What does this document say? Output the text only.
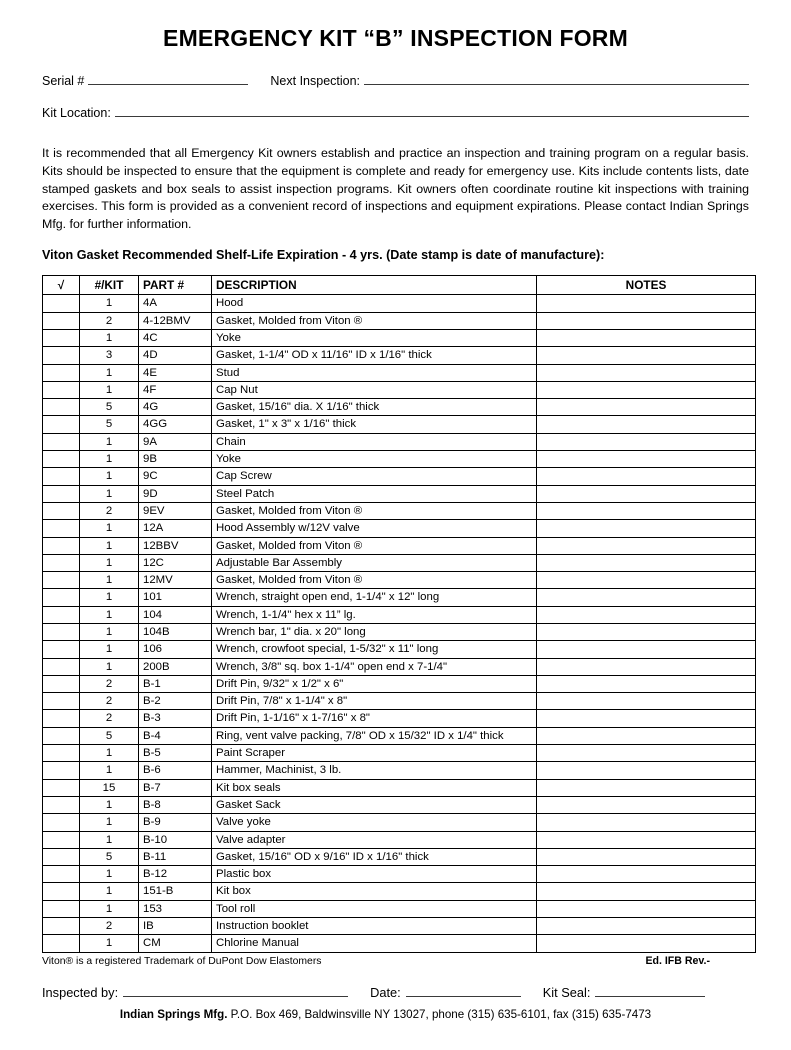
EMERGENCY KIT “B” INSPECTION FORM
Serial #	Next Inspection:
Kit Location:

It is recommended that all Emergency Kit owners establish and practice an inspection and training program on a regular basis. Kits should be inspected to ensure that the equipment is complete and ready for emergency use. Kits include contents lists, date stamped gaskets and box seals to assist inspection programs. Kit owners often coordinate routine kit inspections with training exercises. This form is provided as a convenient record of inspections and equipment expirations. Please contact Indian Springs Mfg. for further information.

Viton Gasket Recommended Shelf-Life Expiration - 4 yrs. (Date stamp is date of manufacture):
√	#/KIT	PART #	DESCRIPTION	NOTES
	1	4A	Hood	
	2	4-12BMV	Gasket, Molded from Viton ®	
	1	4C	Yoke	
	3	4D	Gasket, 1-1/4" OD x 11/16" ID x 1/16" thick	
	1	4E	Stud	
	1	4F	Cap Nut	
	5	4G	Gasket, 15/16" dia. X 1/16" thick	
	5	4GG	Gasket, 1" x 3" x 1/16" thick	
	1	9A	Chain	
	1	9B	Yoke	
	1	9C	Cap Screw	
	1	9D	Steel Patch	
	2	9EV	Gasket, Molded from Viton ®	
	1	12A	Hood Assembly w/12V valve	
	1	12BBV	Gasket, Molded from Viton ®	
	1	12C	Adjustable Bar Assembly	
	1	12MV	Gasket, Molded from Viton ®	
	1	101	Wrench, straight open end, 1-1/4" x 12" long	
	1	104	Wrench, 1-1/4" hex x 11” lg.	
	1	104B	Wrench bar, 1" dia. x 20" long	
	1	106	Wrench, crowfoot special, 1-5/32" x 11" long	
	1	200B	Wrench, 3/8" sq. box 1-1/4" open end x 7-1/4"	
	2	B-1	Drift Pin, 9/32" x 1/2" x 6"	
	2	B-2	Drift Pin, 7/8" x 1-1/4" x 8"	
	2	B-3	Drift Pin, 1-1/16" x 1-7/16" x 8"	
	5	B-4	Ring, vent valve packing, 7/8" OD x 15/32" ID x 1/4" thick	
	1	B-5	Paint Scraper	
	1	B-6	Hammer, Machinist, 3 lb.	
	15	B-7	Kit box seals	
	1	B-8	Gasket Sack	
	1	B-9	Valve yoke	
	1	B-10	Valve adapter	
	5	B-11	Gasket, 15/16" OD x 9/16" ID x 1/16" thick	
	1	B-12	Plastic box	
	1	151-B	Kit box	
	1	153	Tool roll	
	2	IB	Instruction booklet	
	1	CM	Chlorine Manual	
Viton® is a registered Trademark of DuPont Dow Elastomers	Ed. IFB Rev.-
Inspected by:	Date:	Kit Seal:
Indian Springs Mfg. P.O. Box 469, Baldwinsville NY 13027, phone (315) 635-6101, fax (315) 635-7473
